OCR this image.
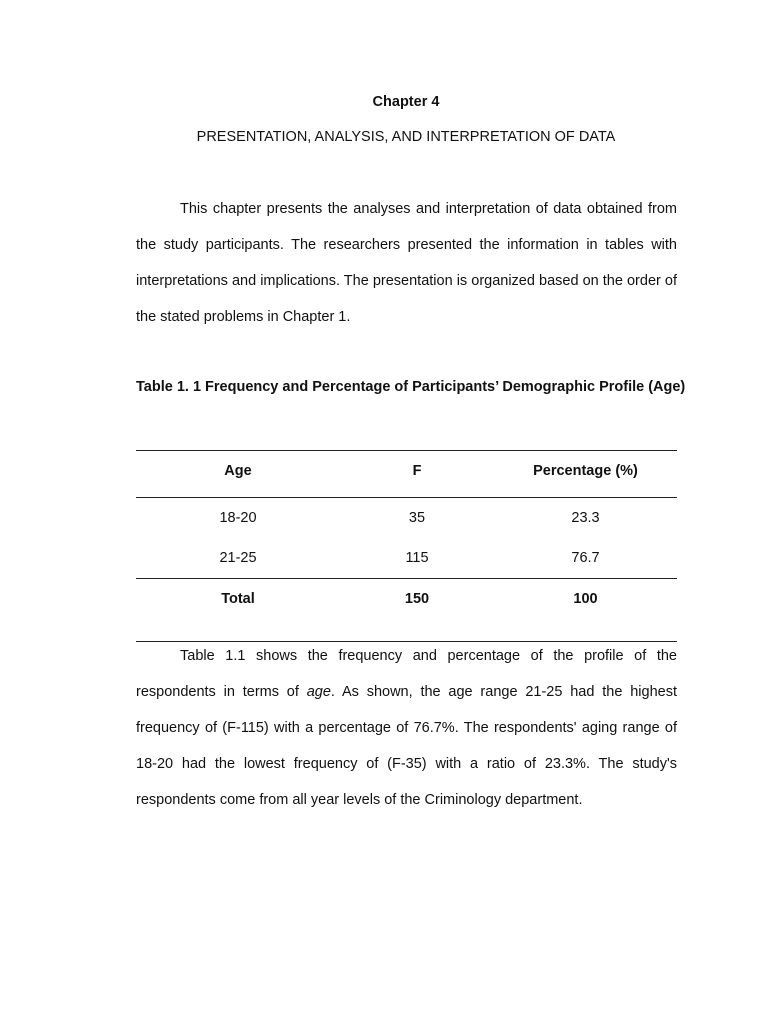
Chapter 4
PRESENTATION, ANALYSIS, AND INTERPRETATION OF DATA

This chapter presents the analyses and interpretation of data obtained from the study participants. The researchers presented the information in tables with interpretations and implications. The presentation is organized based on the order of the stated problems in Chapter 1.

Table 1. 1 Frequency and Percentage of Participants’ Demographic Profile (Age)

Age	F	Percentage (%)
18-20	35	23.3
21-25	115	76.7
Total	150	100

Table 1.1 shows the frequency and percentage of the profile of the respondents in terms of age. As shown, the age range 21-25 had the highest frequency of (F-115) with a percentage of 76.7%. The respondents' aging range of 18-20 had the lowest frequency of (F-35) with a ratio of 23.3%. The study's respondents come from all year levels of the Criminology department.
